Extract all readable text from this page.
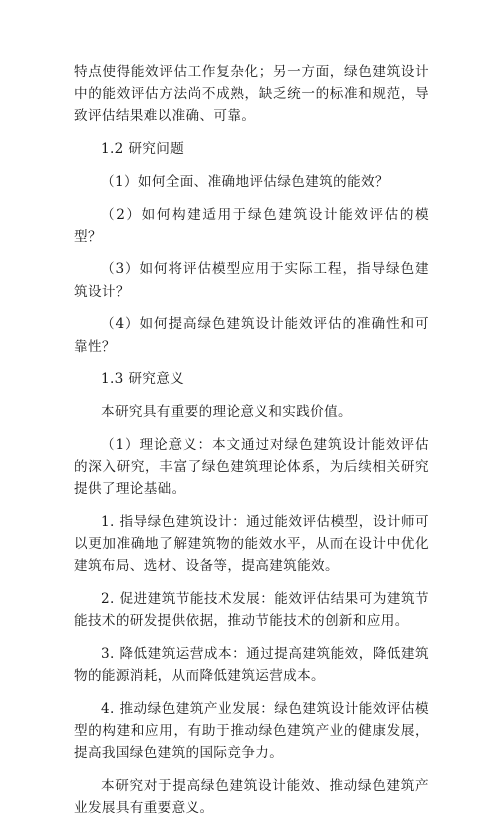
特点使得能效评估工作复杂化；另一方面，绿色建筑设计中的能效评估方法尚不成熟，缺乏统一的标准和规范，导致评估结果难以准确、可靠。

1.2 研究问题

（1）如何全面、准确地评估绿色建筑的能效？

（2）如何构建适用于绿色建筑设计能效评估的模型？

（3）如何将评估模型应用于实际工程，指导绿色建筑设计？

（4）如何提高绿色建筑设计能效评估的准确性和可靠性？

1.3 研究意义

本研究具有重要的理论意义和实践价值。

（1）理论意义：本文通过对绿色建筑设计能效评估的深入研究，丰富了绿色建筑理论体系，为后续相关研究提供了理论基础。

1. 指导绿色建筑设计：通过能效评估模型，设计师可以更加准确地了解建筑物的能效水平，从而在设计中优化建筑布局、选材、设备等，提高建筑能效。

2. 促进建筑节能技术发展：能效评估结果可为建筑节能技术的研发提供依据，推动节能技术的创新和应用。

3. 降低建筑运营成本：通过提高建筑能效，降低建筑物的能源消耗，从而降低建筑运营成本。

4. 推动绿色建筑产业发展：绿色建筑设计能效评估模型的构建和应用，有助于推动绿色建筑产业的健康发展，提高我国绿色建筑的国际竞争力。

本研究对于提高绿色建筑设计能效、推动绿色建筑产业发展具有重要意义。
